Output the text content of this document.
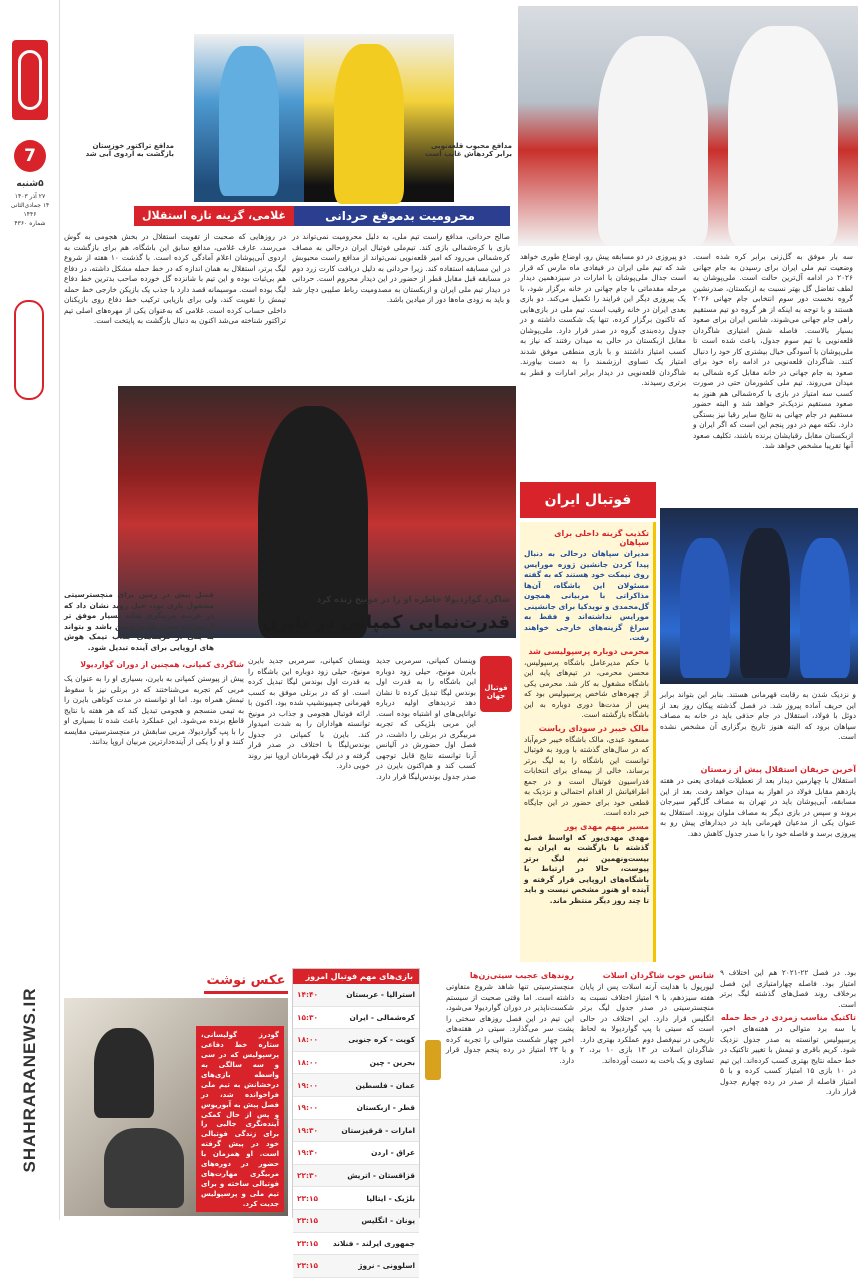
7
۵شنبه
۲۷ آذر ۱۴۰۳
۱۴ جمادی‌الثانی ۱۴۴۶
شماره ۴۳۶۰
SHAHRARANEWS.IR
مدافع محبوب قلعه‌نویی
برابر کردهاش غایب است
مدافع تراکتور خوزستان
بازگشت به اردوی آبی شد
محرومیت بدموقع حردانی
غلامی، گزینه تازه استقلال
صالح حردانی، مدافع راست تیم ملی، به دلیل محرومیت نمی‌تواند در بازی با کره‌شمالی بازی کند. تیم‌ملی فوتبال ایران درحالی به مصاف کره‌شمالی می‌رود که امیر قلعه‌نویی نمی‌تواند از مدافع راست محبوبش در این مسابقه استفاده کند. زیرا حردانی به دلیل دریافت کارت زرد دوم در مسابقه قبل مقابل قطر از حضور در این دیدار محروم است. حردانی در دیدار تیم ملی ایران و ازبکستان به مصدومیت رباط صلیبی دچار شد و باید به زودی ماه‌ها دور از میادین باشد.
در روزهایی که صحبت از تقویت استقلال در بخش هجومی به گوش می‌رسد، عارف غلامی، مدافع سابق این باشگاه، هم برای بازگشت به اردوی آبی‌پوشان اعلام آمادگی کرده است. با گذشت ۱۰ هفته از شروع لیگ برتر، استقلال به همان اندازه که در خط حمله مشکل داشته، در دفاع هم بی‌ثبات بوده و این تیم با شانزده گل خورده صاحب بدترین خط دفاع لیگ بوده است. موسیمانه قصد دارد با جذب یک بازیکن خارجی خط حمله تیمش را تقویت کند، ولی برای بازیابی ترکیب خط دفاع روی بازیکنان داخلی حساب کرده است. غلامی که به‌عنوان یکی از مهره‌های اصلی تیم تراکتور شناخته می‌شد اکنون به دنبال بازگشت به پایتخت است.
سه بار موفق به گل‌زنی برابر کره شده است. وضعیت تیم ملی ایران برای رسیدن به جام جهانی ۲۰۲۶ در ادامه آل‌ترین حالت است. ملی‌پوشان به لطف تفاضل گل بهتر نسبت به ازبکستان، صدرنشین گروه نخست دور سوم انتخابی جام جهانی ۲۰۲۶ هستند و با توجه به اینکه از هر گروه دو تیم مستقیم راهی جام جهانی می‌شوند، شانس ایران برای صعود بسیار بالاست. فاصله شش امتیازی شاگردان قلعه‌نویی با تیم سوم جدول، باعث شده است تا ملی‌پوشان با آسودگی خیال بیشتری کار خود را دنبال کنند. شاگردان قلعه‌نویی در ادامه راه خود برای صعود به جام جهانی در خانه مقابل کره شمالی به میدان می‌روند. تیم ملی کشورمان حتی در صورت کسب سه امتیاز در بازی با کره‌شمالی هم هنوز به صعود مستقیم نزدیک‌تر خواهد شد و البته حضور مستقیم در جام جهانی به نتایج سایر رقبا نیز بستگی دارد. نکته مهم در دور پنجم این است که اگر ایران و ازبکستان مقابل رقبایشان برنده باشند، تکلیف صعود آنها تقریبا مشخص خواهد شد.
دو پیروزی در دو مسابقه پیش رو، اوضاع طوری خواهد شد که تیم ملی ایران در فیفادی ماه مارس که قرار است جدال ملی‌پوشان با امارات در سیزدهمین دیدار مرحله مقدماتی با جام جهانی در خانه برگزار شود، با یک پیروزی دیگر این فرایند را تکمیل می‌کند. دو بازی بعدی ایران در خانه رقیب است. تیم ملی در بازی‌هایی که تاکنون برگزار کرده، تنها یک شکست داشته و در جدول رده‌بندی گروه در صدر قرار دارد. ملی‌پوشان مقابل ازبکستان در حالی به میدان رفتند که نیاز به کسب امتیاز داشتند و با بازی منطقی موفق شدند امتیاز یک تساوی ارزشمند را به دست بیاورند. شاگردان قلعه‌نویی در دیدار برابر امارات و قطر به برتری رسیدند.
فصل پیش در زمین برای منچسترسیتی مشغول بازی بود، حیل روید نشان داد که در عرصه مربیگری شاید بسیار موفق تر از دوران حضورش در زمین باشد و بتواند به یکی از گزینه‌های جذاب تیمک هوش های اروپایی برای آینده تبدیل شود.
شاگرد گواردیولا خاطره او را در مونیخ زنده کرد
قدرت‌نمایی کمپانی در بایرن
فوتبال جهان
وینسان کمپانی، سرمربی جدید بایرن مونیخ، حیلی زود دوباره این باشگاه را به قدرت اول بوندس لیگا تبدیل کرده تا نشان دهد تردیدهای اولیه درباره توانایی‌های او اشتباه بوده است. این مربی بلژیکی که تجربه مربیگری در برنلی را داشت، در فصل اول حضورش در آلیانس آرنا توانسته نتایج قابل توجهی کسب کند و هم‌اکنون بایرن در صدر جدول بوندس‌لیگا قرار دارد.
وینسان کمپانی، سرمربی جدید بایرن مونیخ، حیلی زود دوباره این باشگاه را به قدرت اول بوندس لیگا تبدیل کرده است. او که در برنلی موفق به کسب قهرمانی چمپیونشیپ شده بود، اکنون با ارائه فوتبال هجومی و جذاب در مونیخ توانسته هواداران را به شدت امیدوار کند. بایرن با کمپانی در جدول بوندس‌لیگا با اختلاف در صدر قرار گرفته و در لیگ قهرمانان اروپا نیز روند خوبی دارد.
شاگردی کمپانی، همچنین از دوران گواردیولا
پیش از پیوستن کمپانی به بایرن، بسیاری او را به عنوان یک مربی کم تجربه می‌شناختند که در برنلی نیز با سقوط تیمش همراه بود. اما او توانسته در مدت کوتاهی بایرن را به تیمی منسجم و هجومی تبدیل کند که هر هفته با نتایج قاطع برنده می‌شود. این عملکرد باعث شده تا بسیاری او را با پپ گواردیولا، مربی سابقش در منچسترسیتی مقایسه کنند و او را یکی از آینده‌دارترین مربیان اروپا بدانند.
فوتبال ایران
تکذیب گزینه داخلی برای سپاهان
مدیران سپاهان درحالی به دنبال پیدا کردن جانشین ژوزه مورایس روی نیمکت خود هستند که به گفته مسئولان این باشگاه، آن‌ها مذاکراتی با مربیانی همچون گل‌محمدی و نویدکیا برای جانشینی مورایس نداشته‌اند و فقط به سراغ گزینه‌های خارجی خواهند رفت.
محرمی دوباره پرسپولیسی شد
با حکم مدیرعامل باشگاه پرسپولیس، محسن محرمی، در تیم‌های پایه این باشگاه مشغول به کار شد. محرمی یکی از چهره‌های شاخص پرسپولیس بود که پس از مدت‌ها دوری دوباره به این باشگاه بازگشته است.
مالک خیبر در سودای ریاست
مسعود عبدی، مالک باشگاه خیبر خرم‌آباد که در سال‌های گذشته با ورود به فوتبال توانست این باشگاه را به لیگ برتر برساند، خالی از بیمه‌ای برای انتخابات فدراسیون فوتبال است و در جمع اطرافیانش از اقدام احتمالی و نزدیک به قطعی خود برای حضور در این جایگاه خبر داده است.
مسیر مبهم مهدی پور
مهدی مهدی‌پور که اواسط فصل گذشته با بازگشت به ایران به بیست‌ونهمین تیم لیگ برتر پیوست، حالا در ارتباط با باشگاه‌های اروپایی قرار گرفته و آینده او هنوز مشخص نیست و باید تا چند روز دیگر منتظر ماند.
و نزدیک شدن به رقابت قهرمانی هستند. بنابر این بتواند برابر این حریف آماده پیروز شد. در فصل گذشته پیکان روز بعد از دوئل با فولاد، استقلال در جام حذفی باید در خانه به مصاف سپاهان برود که البته هنوز تاریخ برگزاری آن مشخص نشده است.
آخرین حریفان استقلال پیش از زمستان
استقلال با چهارمین دیدار بعد از تعطیلات فیفادی یعنی در هفته یازدهم مقابل فولاد در اهواز به میدان خواهد رفت. بعد از این مسابقه، آبی‌پوشان باید در تهران به مصاف گل‌گهر سیرجان بروند و سپس در بازی دیگر به مصاف ملوان بروند. استقلال به عنوان یکی از مدعیان قهرمانی باید در دیدارهای پیش رو به پیروزی برسد و فاصله خود را با صدر جدول کاهش دهد.
عکس نوشت
گودرز گولیسانی، ستاره خط دفاعی پرسپولیس که در سی و سه سالگی به واسطه بازی‌های درخشانش به تیم ملی فراخوانده شد، در فصل پیش به آبوریوس و پس از حال کمکی آینده‌نگری جالبی را برای زندگی فوتبالی خود در پیش گرفته است. او همزمان با حضور در دوره‌های مربیگری مهارت‌های فوتبالی ساخته و برای تیم ملی و پرسپولیس جدیت کرد.
بازی‌های مهم فوتبال امروز
استرالیا - عربستان
۱۴:۴۰
کره‌شمالی - ایران
۱۵:۳۰
کویت - کره جنوبی
۱۸:۰۰
بحرین - چین
۱۸:۰۰
عمان - فلسطین
۱۹:۰۰
قطر - ازبکستان
۱۹:۰۰
امارات - قرقیزستان
۱۹:۳۰
عراق - اردن
۱۹:۳۰
قزاقستان - اتریش
۲۲:۳۰
بلژیک - ایتالیا
۲۳:۱۵
یونان - انگلیس
۲۳:۱۵
جمهوری ایرلند - فنلاند
۲۳:۱۵
اسلوونی - نروژ
۲۳:۱۵
روندهای عجیب سیتی‌زن‌ها
منچسترسیتی تنها شاهد شروع متفاوتی داشته است. اما وقتی صحبت از سیستم شکست‌ناپذیر در دوران گواردیولا می‌شود، این تیم در این فصل روزهای سختی را پشت سر می‌گذارد. سیتی در هفته‌های اخیر چهار شکست متوالی را تجربه کرده و با ۲۳ امتیاز در رده پنجم جدول قرار دارد.
شانس خوب شاگردان اسلات
لیورپول با هدایت آرنه اسلات پس از پایان هفته سیزدهم، با ۹ امتیاز اختلاف نسبت به منچسترسیتی در صدر جدول لیگ برتر انگلیس قرار دارد. این اختلاف در حالی است که سیتی با پپ گواردیولا به لحاظ تاریخی در نیم‌فصل دوم عملکرد بهتری دارد. شاگردان اسلات در ۱۳ بازی ۱۰ برد، ۲ تساوی و یک باخت به دست آورده‌اند.
بود. در فصل ۲۲-۲۰۲۱ هم این اختلاف ۹ امتیاز بود. فاصله چهارامتیازی این فصل برخلاف روند فصل‌های گذشته لیگ برتر است.
تاکتیک مناسب زمردی در خط حمله
با سه برد متوالی در هفته‌های اخیر، پرسپولیس توانسته به صدر جدول نزدیک شود. کریم باقری و تیمش با تغییر تاکتیک در خط حمله نتایج بهتری کسب کرده‌اند. این تیم در ۱۰ بازی ۱۵ امتیاز کسب کرده و با ۵ امتیاز فاصله از صدر در رده چهارم جدول قرار دارد.
